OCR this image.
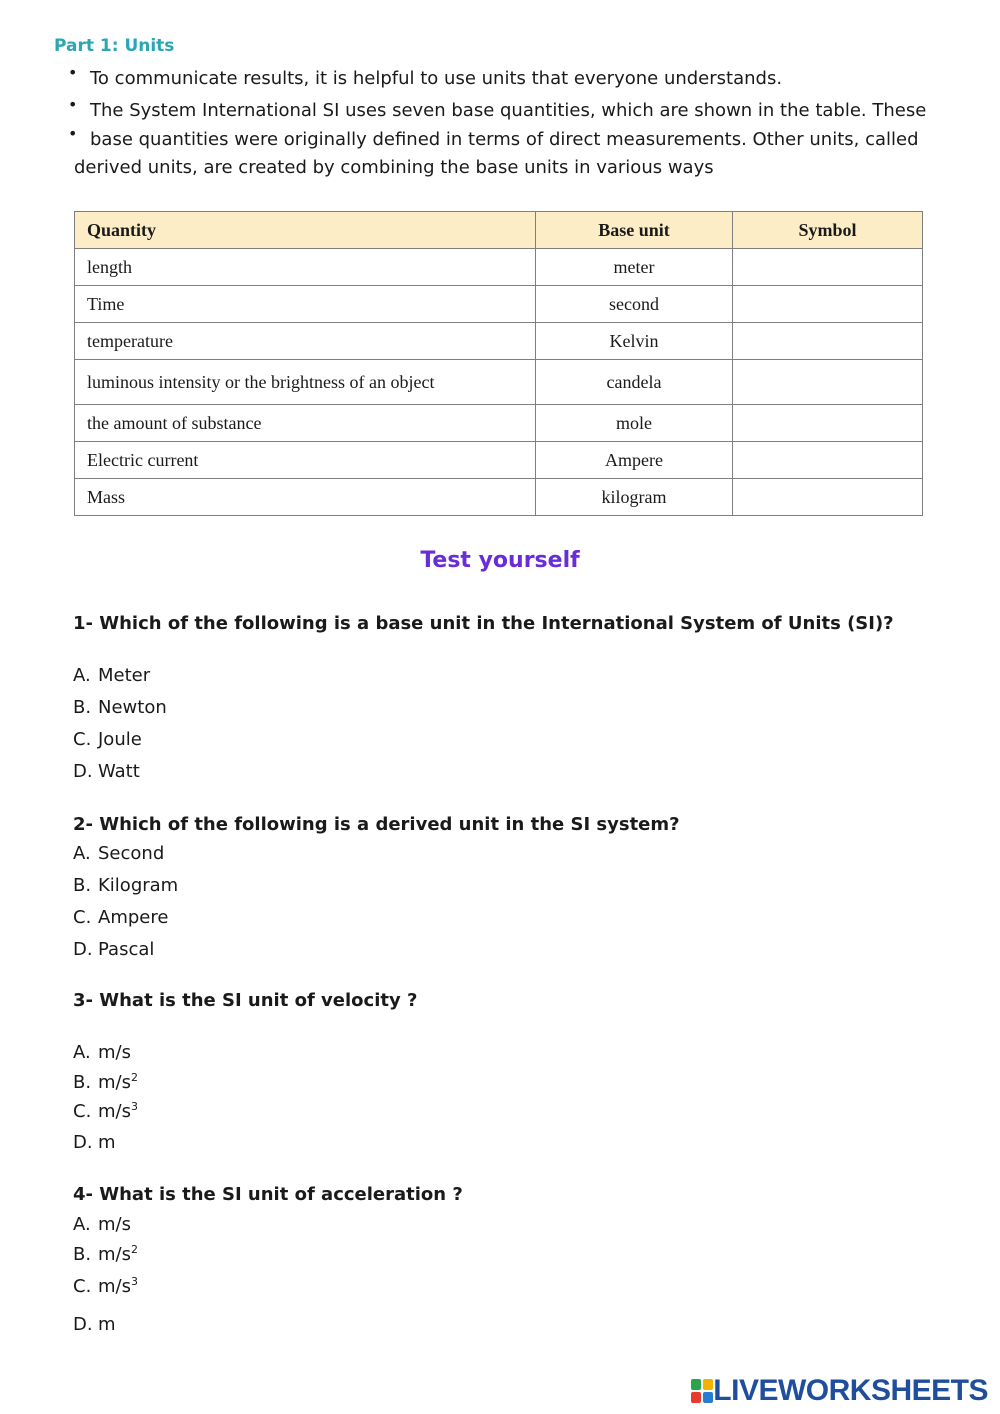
Part 1: Units
• To communicate results, it is helpful to use units that everyone understands.
• The System International SI uses seven base quantities, which are shown in the table. These
• base quantities were originally defined in terms of direct measurements. Other units, called
derived units, are created by combining the base units in various ways
Quantity	Base unit	Symbol
length	meter	
Time	second	
temperature	Kelvin	
luminous intensity or the brightness of an object	candela	
the amount of substance	mole	
Electric current	Ampere	
Mass	kilogram	
Test yourself
1- Which of the following is a base unit in the International System of Units (SI)?
A. Meter
B. Newton
C. Joule
D. Watt
2- Which of the following is a derived unit in the SI system?
A. Second
B. Kilogram
C. Ampere
D. Pascal
3- What is the SI unit of velocity ?
A. m/s
B. $m/s^2$
C. $m/s^3$
D. m
4- What is the SI unit of acceleration ?
A. m/s
B. $m/s^2$
C. $m/s^3$
D. m
LIVEWORKSHEETS
